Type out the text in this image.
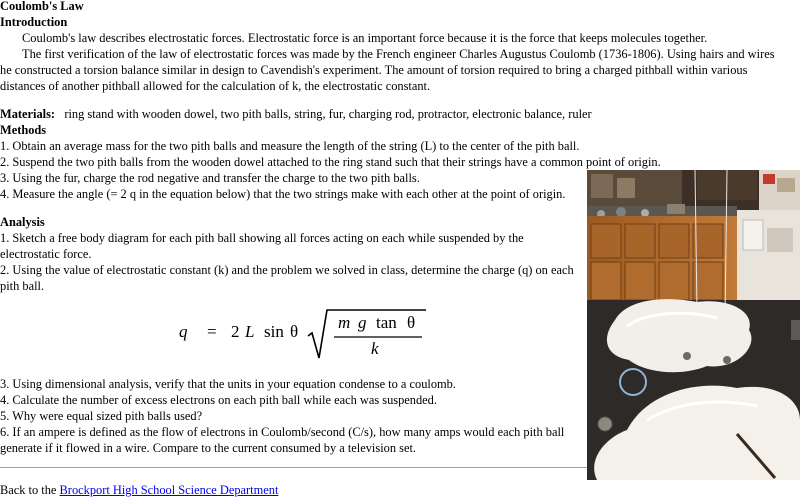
Coulomb's Law
Introduction
Coulomb's law describes electrostatic forces. Electrostatic force is an important force because it is the force that keeps molecules together.
The first verification of the law of electrostatic forces was made by the French engineer Charles Augustus Coulomb (1736-1806). Using hairs and wires
he constructed a torsion balance similar in design to Cavendish's experiment. The amount of torsion required to bring a charged pithball within various
distances of another pithball allowed for the calculation of k, the electrostatic constant.
Materials: ring stand with wooden dowel, two pith balls, string, fur, charging rod, protractor, electronic balance, ruler
Methods
1. Obtain an average mass for the two pith balls and measure the length of the string (L) to the center of the pith ball.
2. Suspend the two pith balls from the wooden dowel attached to the ring stand such that their strings have a common point of origin.
3. Using the fur, charge the rod negative and transfer the charge to the two pith balls.
4. Measure the angle (= 2 q in the equation below) that the two strings make with each other at the point of origin.
Analysis
1. Sketch a free body diagram for each pith ball showing all forces acting on each while suspended by the
electrostatic force.
2. Using the value of electrostatic constant (k) and the problem we solved in class, determine the charge (q) on each
pith ball.
q = 2 L sin θ m g tan θ
k
3. Using dimensional analysis, verify that the units in your equation condense to a coulomb.
4. Calculate the number of excess electrons on each pith ball while each was suspended.
5. Why were equal sized pith balls used?
6. If an ampere is defined as the flow of electrons in Coulomb/second (C/s), how many amps would each pith ball
generate if it flowed in a wire. Compare to the current consumed by a television set.
Back to the Brockport High School Science Department
